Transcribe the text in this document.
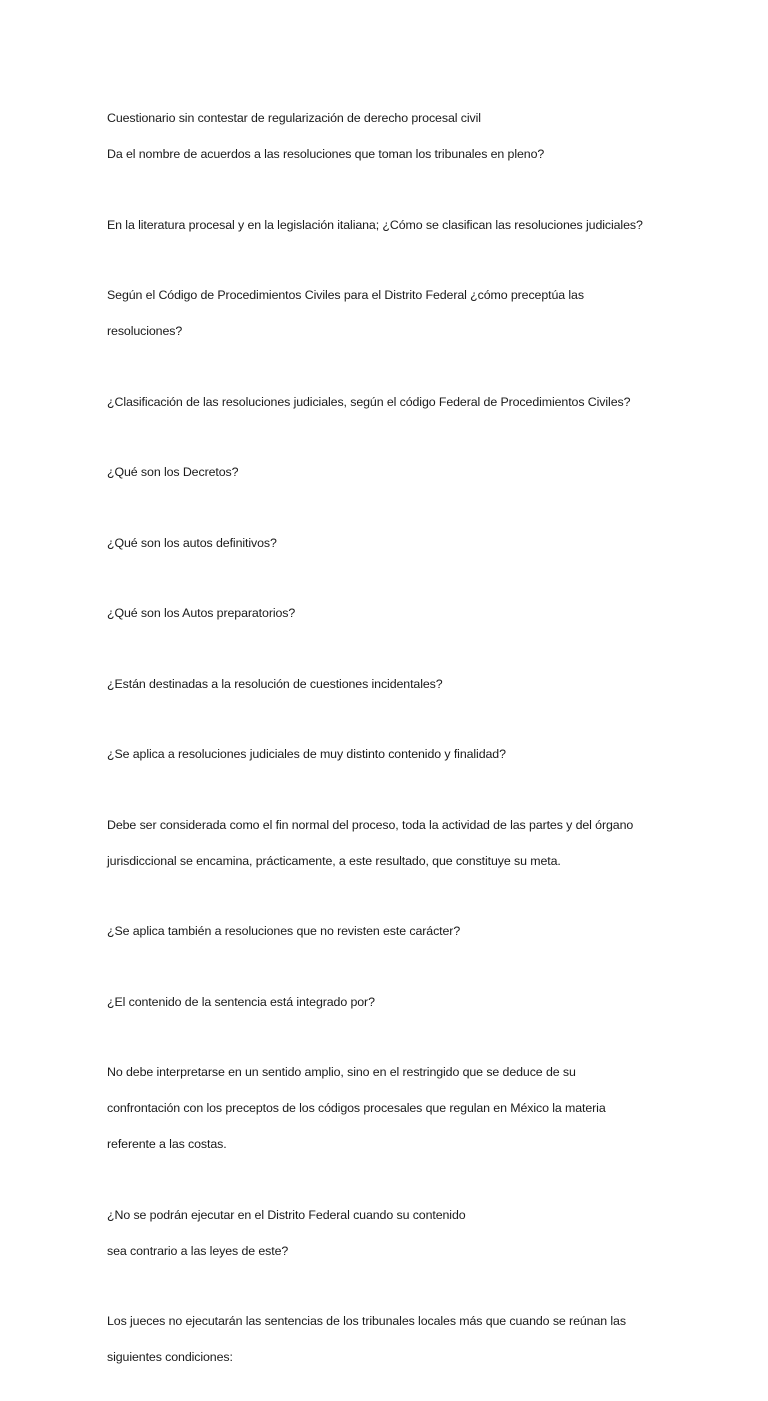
Cuestionario sin contestar de regularización de derecho procesal civil

Da el nombre de acuerdos a las resoluciones que toman los tribunales en pleno?

En la literatura procesal y en la legislación italiana; ¿Cómo se clasifican las resoluciones judiciales?

Según el Código de Procedimientos Civiles para el Distrito Federal ¿cómo preceptúa las

resoluciones?

¿Clasificación de las resoluciones judiciales, según el código Federal de Procedimientos Civiles?

¿Qué son los Decretos?

¿Qué son los autos definitivos?

¿Qué son los Autos preparatorios?

¿Están destinadas a la resolución de cuestiones incidentales?

¿Se aplica a resoluciones judiciales de muy distinto contenido y finalidad?

Debe ser considerada como el fin normal del proceso, toda la actividad de las partes y del órgano

jurisdiccional se encamina, prácticamente, a este resultado, que constituye su meta.

¿Se aplica también a resoluciones que no revisten este carácter?

¿El contenido de la sentencia está integrado por?

No debe interpretarse en un sentido amplio, sino en el restringido que se deduce de su

confrontación con los preceptos de los códigos procesales que regulan en México la materia

referente a las costas.

¿No se podrán ejecutar en el Distrito Federal cuando su contenido

sea contrario a las leyes de este?

Los jueces no ejecutarán las sentencias de los tribunales locales más que cuando se reúnan las

siguientes condiciones:
